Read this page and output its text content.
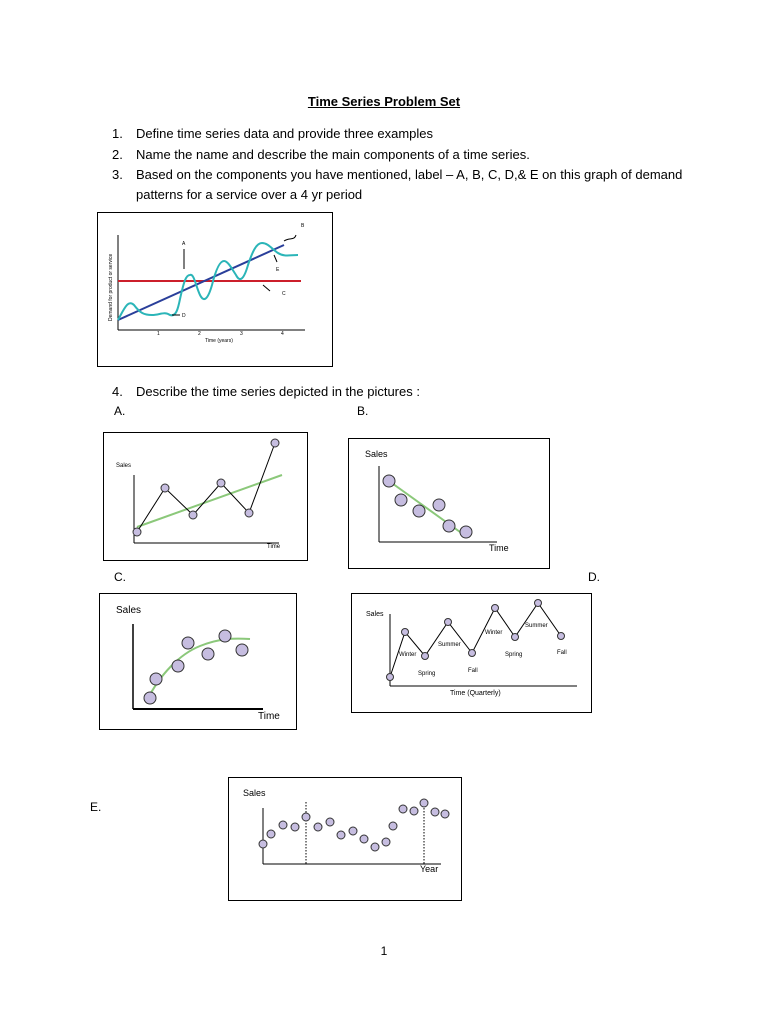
Time Series Problem Set
1. Define time series data and provide three examples
2. Name the name and describe the main components of a time series.
3. Based on the components you have mentioned, label – A, B, C, D,& E on this graph of demand
patterns for a service over a 4 yr period
Demand for product or service
Time (years)
1	2	3	4
A
B
C
D
E
4. Describe the time series depicted in the pictures :
A.	B.
Sales
Time
Sales
Time
C.	D.
Sales
Time
Sales
Time (Quarterly)
Winter
Spring
Summer
Fall
Winter
Spring
Summer
Fall
E.
Sales
Year
1
